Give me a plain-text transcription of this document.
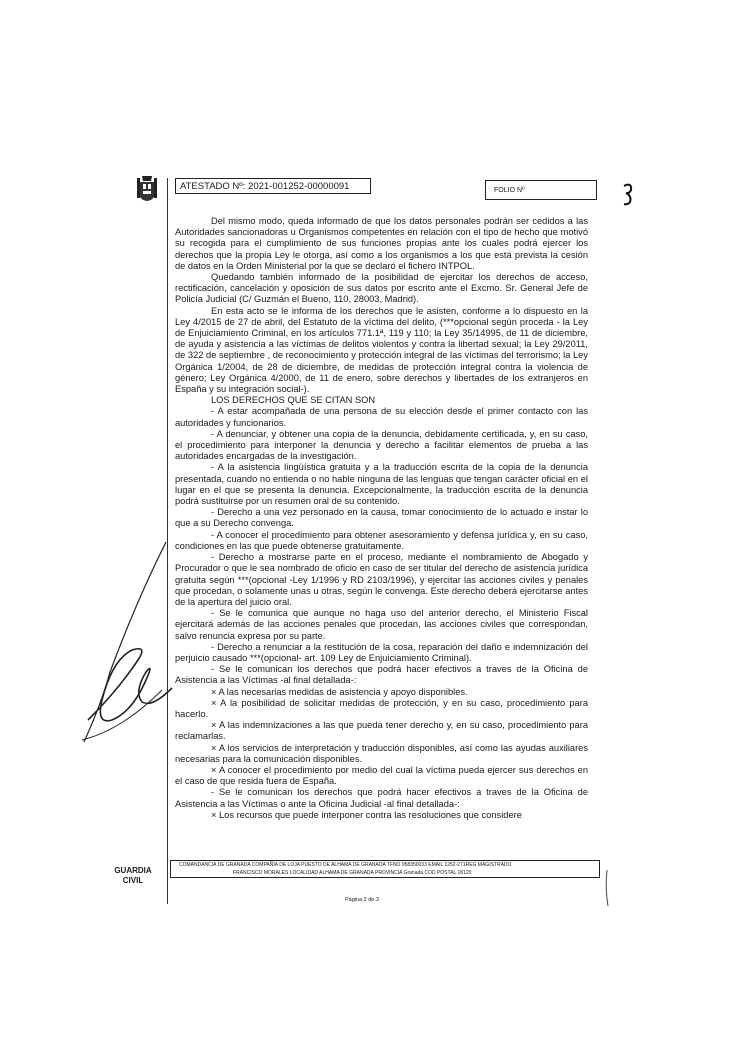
ATESTADO Nº: 2021-001252-00000091	FOLIO Nº

Del mismo modo, queda informado de que los datos personales podrán ser cedidos a las Autoridades sancionadoras u Organismos competentes en relación con el tipo de hecho que motivó su recogida para el cumplimiento de sus funciones propias ante los cuales podrá ejercer los derechos que la propia Ley le otorga, así como a los organismos a los que está prevista la cesión de datos en la Orden Ministerial por la que se declaró el fichero INTPOL.

Quedando también informado de la posibilidad de ejercitar los derechos de acceso, rectificación, cancelación y oposición de sus datos por escrito ante el Excmo. Sr. General Jefe de Policía Judicial (C/ Guzmán el Bueno, 110, 28003, Madrid).

En esta acto se le informa de los derechos que le asisten, conforme a lo dispuesto en la Ley 4/2015 de 27 de abril, del Estatuto de la víctima del delito, (***opcional según proceda - la Ley de Enjuiciamiento Criminal, en los artículos 771.1ª, 119 y 110; la Ley 35/14995, de 11 de diciembre, de ayuda y asistencia a las víctimas de delitos violentos y contra la libertad sexual; la Ley 29/2011, de 322 de septiembre , de reconocimiento y protección integral de las víctimas del terrorismo; la Ley Orgánica 1/2004, de 28 de diciembre, de medidas de protección integral contra la violencia de género; Ley Orgánica 4/2000, de 11 de enero, sobre derechos y libertades de los extranjeros en España y su integración social-).

LOS DERECHOS QUE SE CITAN SON

- A estar acompañada de una persona de su elección desde el primer contacto con las autoridades y funcionarios.

- A denunciar, y obtener una copia de la denuncia, debidamente certificada, y, en su caso, el procedimiento para interponer la denuncia y derecho a facilitar elementos de prueba a las autoridades encargadas de la investigación.

- A la asistencia lingüística gratuita y a la traducción escrita de la copia de la denuncia presentada, cuando no entienda o no hable ninguna de las lenguas que tengan carácter oficial en el lugar en el que se presenta la denuncia. Excepcionalmente, la traducción escrita de la denuncia podrá sustituirse por un resumen oral de su contenido.

- Derecho a una vez personado en la causa, tomar conocimiento de lo actuado e instar lo que a su Derecho convenga.

- A conocer el procedimiento para obtener asesoramiento y defensa jurídica y, en su caso, condiciones en las que puede obtenerse gratuitamente.

- Derecho a mostrarse parte en el proceso, mediante el nombramiento de Abogado y Procurador o que le sea nombrado de oficio en caso de ser titular del derecho de asistencia jurídica gratuita según ***(opcional -Ley 1/1996 y RD 2103/1996), y ejercitar las acciones civiles y penales que procedan, o solamente unas u otras, según le convenga. Este derecho deberá ejercitarse antes de la apertura del juicio oral.

- Se le comunica que aunque no haga uso del anterior derecho, el Ministerio Fiscal ejercitará además de las acciones penales que procedan, las acciones civiles que correspondan, salvo renuncia expresa por su parte.

- Derecho a renunciar a la restitución de la cosa, reparación del daño e indemnización del perjuicio causado ***(opcional- art. 109 Ley de Enjuiciamiento Criminal).

- Se le comunican los derechos que podrá hacer efectivos a traves de la Oficina de Asistencia a las Víctimas -al final detallada-:

× A las necesarias medidas de asistencia y apoyo disponibles.

× A la posibilidad de solicitar medidas de protección, y en su caso, procedimiento para hacerlo.

× A las indemnizaciones a las que pueda tener derecho y, en su caso, procedimiento para reclamarlas.

× A los servicios de interpretación y traducción disponibles, así como las ayudas auxiliares necesarias para la comunicación disponibles.

× A conocer el procedimiento por medio del cual la víctima pueda ejercer sus derechos en el caso de que resida fuera de España.

- Se le comunican los derechos que podrá hacer efectivos a traves de la Oficina de Asistencia a las Víctimas o ante la Oficina Judicial -al final detallada-:

× Los recursos que puede interponer contra las resoluciones que considere

GUARDIA
CIVIL
COMANDANCIA DE GRANADA COMPAÑÍA DE LOJA PUESTO DE ALHAMA DE GRANADA TFNO 958350033 EMAIL 1252-271REG MAGISTRADO
FRANCISCO MORALES LOCALIDAD ALHAMA DE GRANADA PROVINCIA Granada COD POSTAL 18120
Página 2 de 3
